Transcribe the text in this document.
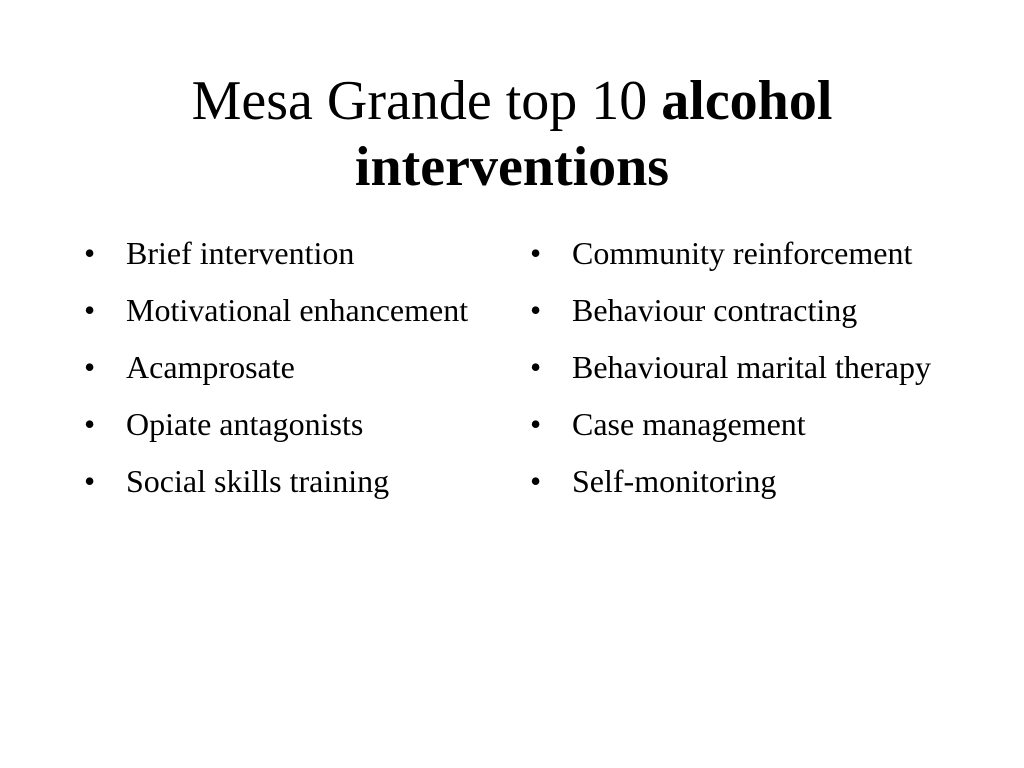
Mesa Grande top 10 alcohol interventions
• Brief intervention
• Motivational enhancement
• Acamprosate
• Opiate antagonists
• Social skills training
• Community reinforcement
• Behaviour contracting
• Behavioural marital therapy
• Case management
• Self-monitoring
